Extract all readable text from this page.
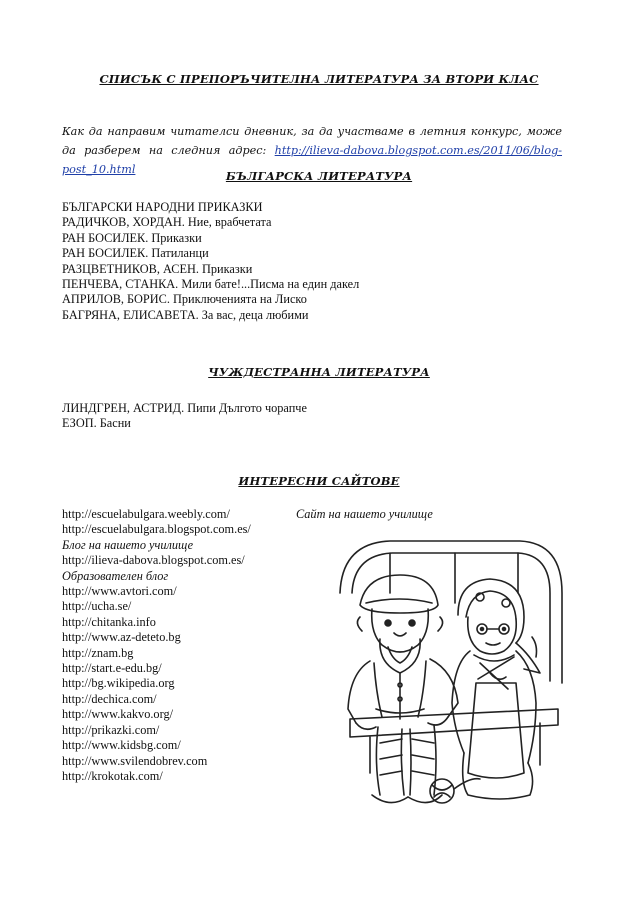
СПИСЪК С ПРЕПОРЪЧИТЕЛНА ЛИТЕРАТУРА ЗА ВТОРИ КЛАС
Как да направим читателси дневник, за да участваме в летния конкурс, може да разберем на следния адрес: http://ilieva-dabova.blogspot.com.es/2011/06/blog-post_10.html	БЪЛГАРСКА ЛИТЕРАТУРА
БЪЛГАРСКИ НАРОДНИ ПРИКАЗКИ
РАДИЧКОВ, ХОРДАН. Ние, врабчетата
РАН БОСИЛЕК. Приказки
РАН БОСИЛЕК. Патиланци
РАЗЦВЕТНИКОВ, АСЕН. Приказки
ПЕНЧЕВА, СТАНКА. Мили бате!...Писма на един дакел
АПРИЛОВ, БОРИС. Приключенията на Лиско
БАГРЯНА, ЕЛИСАВЕТА. За вас, деца любими
ЧУЖДЕСТРАННА ЛИТЕРАТУРА
ЛИНДГРЕН, АСТРИД. Пипи Дългото чорапче
ЕЗОП. Басни
ИНТЕРЕСНИ САЙТОВЕ
Сайт на нашето училище
http://escuelabulgara.weebly.com/
http://escuelabulgara.blogspot.com.es/
Блог на нашето училище
http://ilieva-dabova.blogspot.com.es/
Образователен блог
http://www.avtori.com/
http://ucha.se/
http://chitanka.info
http://www.az-deteto.bg
http://znam.bg
http://start.e-edu.bg/
http://bg.wikipedia.org
http://dechica.com/
http://www.kakvo.org/
http://prikazki.com/
http://www.kidsbg.com/
http://www.svilendobrev.com
http://krokotak.com/
